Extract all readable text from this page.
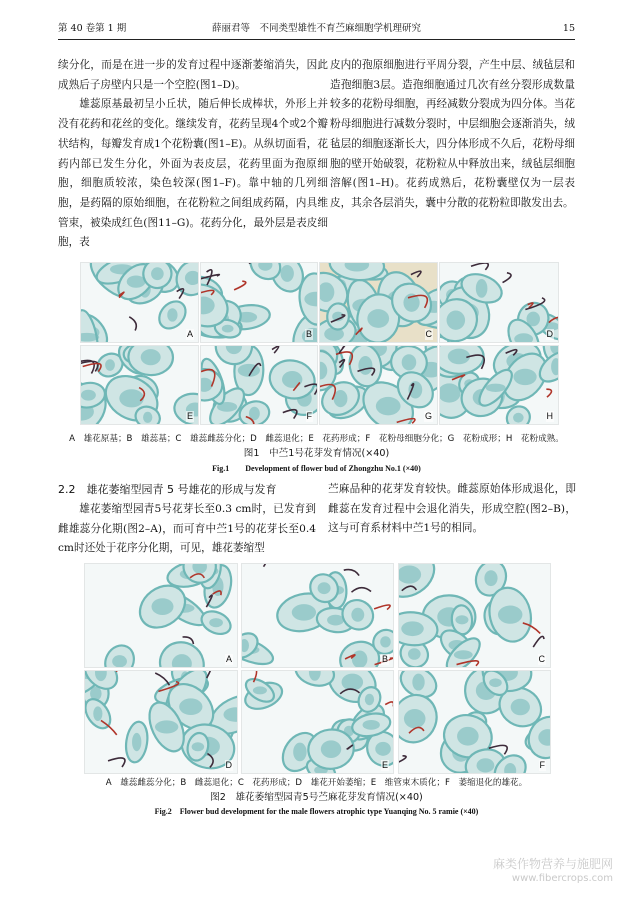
第 40 卷第 1 期	薛丽君等　不同类型雄性不育苎麻细胞学机理研究	15

续分化，而是在进一步的发育过程中逐渐萎缩消失，因此成熟后子房壁内只是一个空腔(图1–D)。

雄蕊原基最初呈小丘状，随后伸长成棒状，外形上并没有花药和花丝的变化。继续发育，花药呈现4个或2个瓣状结构，每瓣发育成1个花粉囊(图1–E)。从纵切面看，花药内部已发生分化，外面为表皮层，花药里面为孢原细胞，细胞质较浓，染色较深(图1–F)。靠中轴的几列细胞，是药隔的原始细胞，在花粉粒之间组成药隔，内具维管束，被染成红色(图11–G)。花药分化，最外层是表皮细胞，表

皮内的孢原细胞进行平周分裂，产生中层、绒毡层和造孢细胞3层。造孢细胞通过几次有丝分裂形成数量较多的花粉母细胞，再经减数分裂成为四分体。当花粉母细胞进行减数分裂时，中层细胞会逐渐消失，绒毡层的细胞逐渐长大，四分体形成不久后，花粉母细胞的壁开始破裂，花粉粒从中释放出来，绒毡层细胞溶解(图1–H)。花药成熟后，花粉囊壁仅为一层表皮，其余各层消失，囊中分散的花粉粒即散发出去。

A	B	C	D
E	F	G	H
A　雄花原基；B　雄蕊基；C　雄蕊雌蕊分化；D　雌蕊退化；E　花药形成；F　花粉母细胞分化；G　花粉成形；H　花粉成熟。
图1　中苎1号花芽发育情况(×40)
Fig.1　　Development of flower bud of Zhongzhu No.1 (×40)
2.2　雄花萎缩型园青 5 号雄花的形成与发育

雄花萎缩型园青5号花芽长至0.3 cm时，已发育到雌雄蕊分化期(图2–A)，而可育中苎1号的花芽长至0.4 cm时还处于花序分化期，可见，雄花萎缩型

苎麻品种的花芽发育较快。雌蕊原始体形成退化，即雌蕊在发育过程中会退化消失，形成空腔(图2–B)，这与可育系材料中苎1号的相同。

A	B	C
D	E	F
A　雄蕊雌蕊分化；B　雌蕊退化；C　花药形成；D　雄花开始萎缩；E　维管束木质化；F　萎缩退化的雄花。
图2　雄花萎缩型园青5号苎麻花芽发育情况(×40)
Fig.2　Flower bud development for the male flowers atrophic type Yuanqing No. 5 ramie (×40)
麻类作物营养与施肥网
www.fibercrops.com
